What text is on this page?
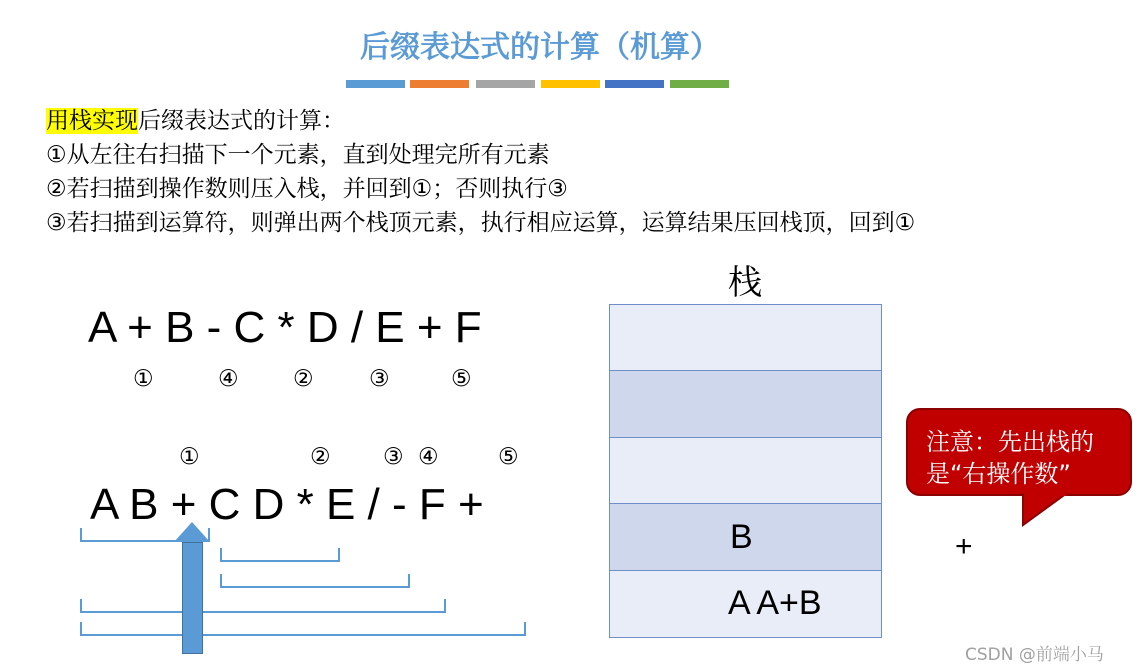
后缀表达式的计算（机算）
用栈实现后缀表达式的计算：
①从左往右扫描下一个元素，直到处理完所有元素
②若扫描到操作数则压入栈，并回到①；否则执行③
③若扫描到运算符，则弹出两个栈顶元素，执行相应运算，运算结果压回栈顶，回到①
A + B - C * D / E + F
①	④ ② ③	⑤
①	② ③ ④	⑤
A B + C D * E / - F +
栈
B
A A+B
注意：先出栈的
是“右操作数”
+
CSDN @前端小马
